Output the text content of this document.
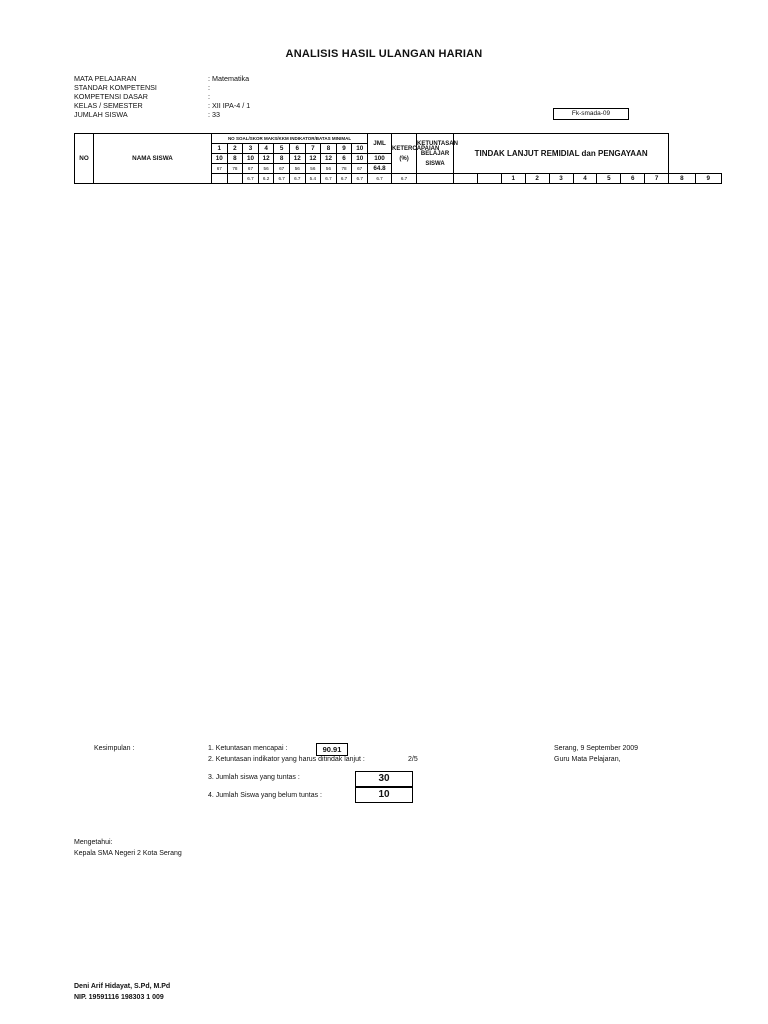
ANALISIS HASIL ULANGAN HARIAN
MATA PELAJARAN	: Matematika
STANDAR KOMPETENSI	:
KOMPETENSI DASAR	:
KELAS / SEMESTER	: XII IPA-4 / 1
JUMLAH SISWA	: 33	Fk-smada-09
NO	NAMA SISWA	NO SOAL/SKOR MAKS/KKM INDIKATOR/BATAS MINIMAL										JML	KETERCAPAIAN (%)	KETUNTASAN BELAJAR SISWA	TINDAK LANJUT REMIDIAL dan PENGAYAAN										
		1	2	3	4	5	6	7	8	9	10														
		10	8	10	12	8	12	12	12	6	10	100													
		67	78	67	56	67	56	56	56	78	67	64.8													
				6.7	6.2	6.7	6.7	5.4	6.7	6.7	6.7	6.7	6.7				1	2	3	4	5	6	7	8	9
Kesimpulan :	1. Ketuntasan mencapai :	90.91
2. Ketuntasan indikator yang harus ditindak lanjut :	2/5
3. Jumlah siswa yang tuntas :	30
4. Jumlah Siswa yang belum tuntas :	10
Serang, 9 September 2009
Guru Mata Pelajaran,
Mengetahui:
Kepala SMA Negeri 2 Kota Serang
Deni Arif Hidayat, S.Pd, M.Pd
NIP. 19591116 198303 1 009
